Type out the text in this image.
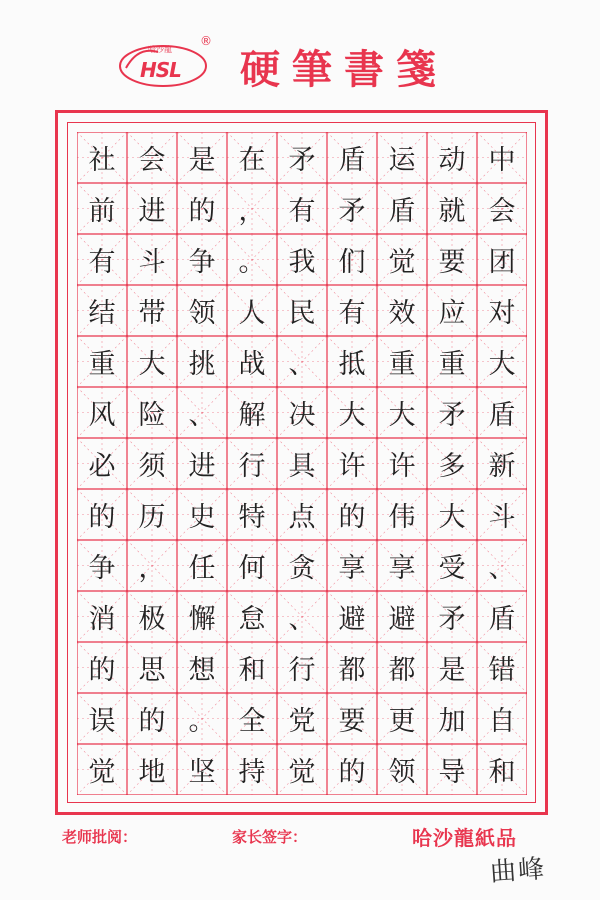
哈沙龍
HSL
®
硬筆書箋
中
会
团
对
大
盾
新
斗
、
盾
错
自
和
动
就
要
应
重
矛
多
大
受
矛
是
加
导
运
盾
觉
效
重
大
许
伟
享
避
都
更
领
盾
矛
们
有
抵
大
许
的
享
避
都
要
的
矛
有
我
民
、
决
具
点
贪
、
行
党
觉
在
，
。
人
战
解
行
特
何
怠
和
全
持
是
的
争
领
挑
、
进
史
任
懈
想
。
坚
会
进
斗
带
大
险
须
历
，
极
思
的
地
社
前
有
结
重
风
必
的
争
消
的
误
觉
老师批阅：	家长签字：	哈沙龍紙品
曲峰
